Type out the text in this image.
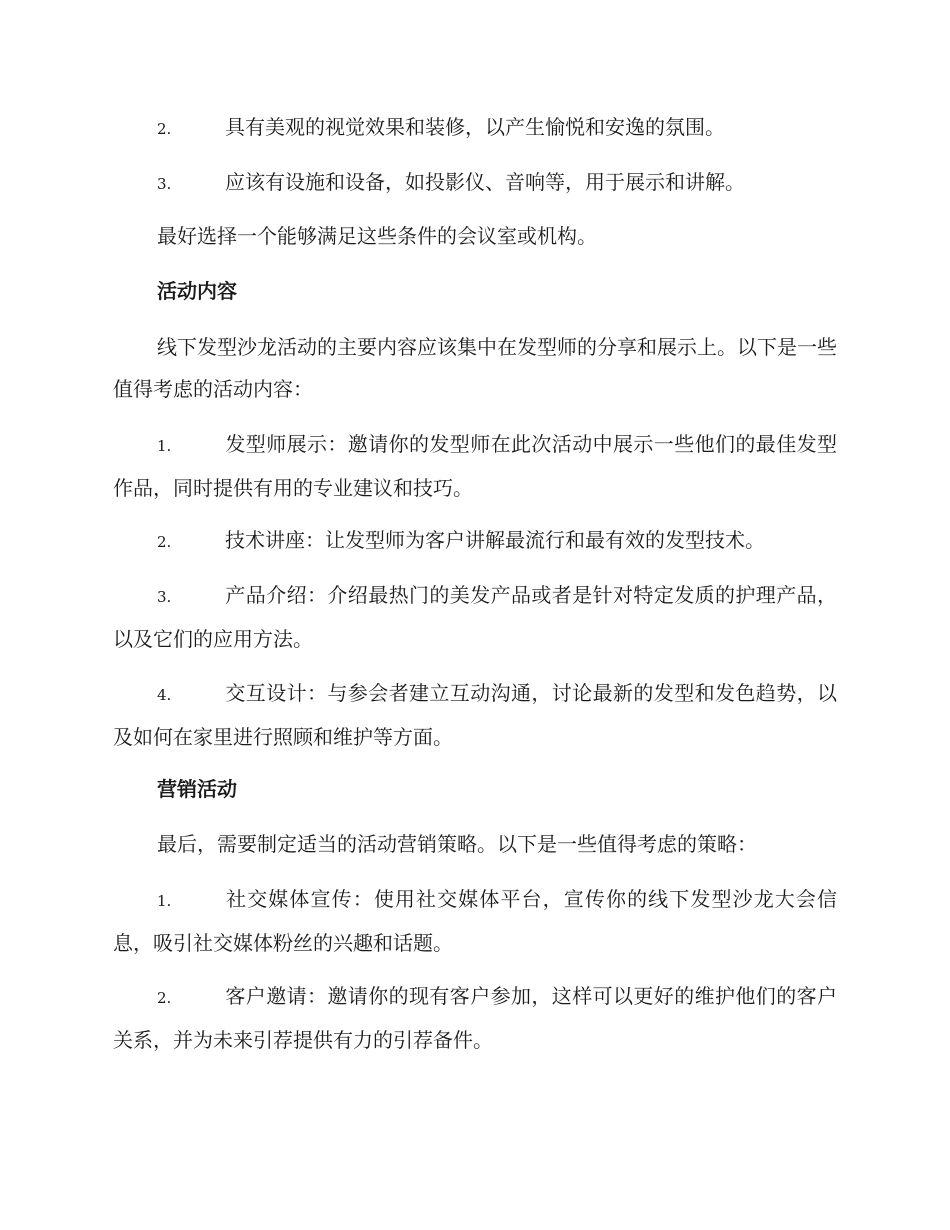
2.	具有美观的视觉效果和装修，以产生愉悦和安逸的氛围。

3.	应该有设施和设备，如投影仪、音响等，用于展示和讲解。

最好选择一个能够满足这些条件的会议室或机构。

活动内容

线下发型沙龙活动的主要内容应该集中在发型师的分享和展示上。以下是一些值得考虑的活动内容：

1.	发型师展示：邀请你的发型师在此次活动中展示一些他们的最佳发型作品，同时提供有用的专业建议和技巧。

2.	技术讲座：让发型师为客户讲解最流行和最有效的发型技术。

3.	产品介绍：介绍最热门的美发产品或者是针对特定发质的护理产品，以及它们的应用方法。

4.	交互设计：与参会者建立互动沟通，讨论最新的发型和发色趋势，以及如何在家里进行照顾和维护等方面。

营销活动

最后，需要制定适当的活动营销策略。以下是一些值得考虑的策略：

1.	社交媒体宣传：使用社交媒体平台，宣传你的线下发型沙龙大会信息，吸引社交媒体粉丝的兴趣和话题。

2.	客户邀请：邀请你的现有客户参加，这样可以更好的维护他们的客户关系，并为未来引荐提供有力的引荐备件。
